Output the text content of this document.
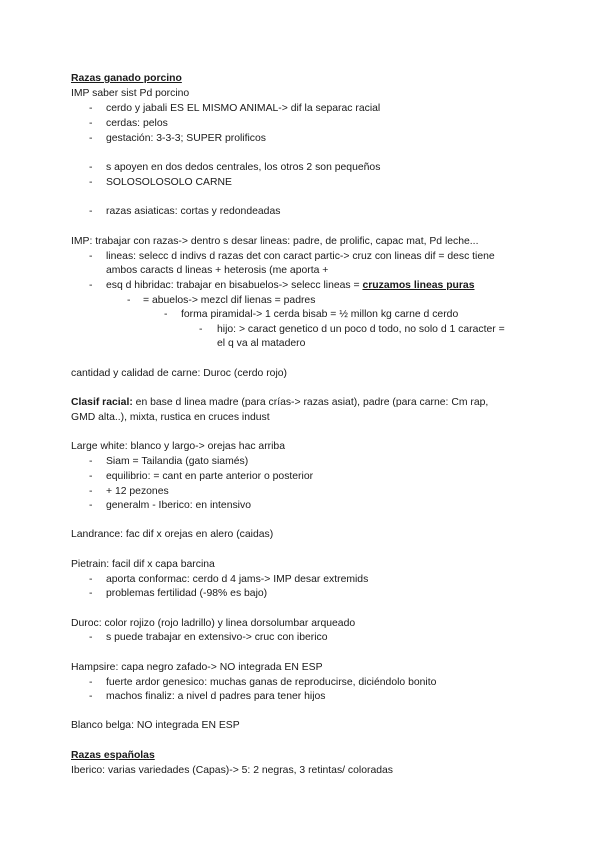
Razas ganado porcino
IMP saber sist Pd porcino
- cerdo y jabali ES EL MISMO ANIMAL-> dif la separac racial
- cerdas: pelos
- gestación: 3-3-3; SUPER prolificos
- s apoyen en dos dedos centrales, los otros 2 son pequeños
- SOLOSOLOSOLO CARNE
- razas asiaticas: cortas y redondeadas
IMP: trabajar con razas-> dentro s desar lineas: padre, de prolific, capac mat, Pd leche...
- lineas: selecc d indivs d razas det con caract partic-> cruz con lineas dif = desc tiene
ambos caracts d lineas + heterosis (me aporta +
- esq d hibridac: trabajar en bisabuelos-> selecc lineas = cruzamos lineas puras
- = abuelos-> mezcl dif lienas = padres
- forma piramidal-> 1 cerda bisab = ½ millon kg carne d cerdo
- hijo: > caract genetico d un poco d todo, no solo d 1 caracter =
el q va al matadero
cantidad y calidad de carne: Duroc (cerdo rojo)
Clasif racial: en base d linea madre (para crías-> razas asiat), padre (para carne: Cm rap,
GMD alta..), mixta, rustica en cruces indust
Large white: blanco y largo-> orejas hac arriba
- Siam = Tailandia (gato siamés)
- equilibrio: = cant en parte anterior o posterior
- + 12 pezones
- generalm - Iberico: en intensivo
Landrance: fac dif x orejas en alero (caidas)
Pietrain: facil dif x capa barcina
- aporta conformac: cerdo d 4 jams-> IMP desar extremids
- problemas fertilidad (-98% es bajo)
Duroc: color rojizo (rojo ladrillo) y linea dorsolumbar arqueado
- s puede trabajar en extensivo-> cruc con iberico
Hampsire: capa negro zafado-> NO integrada EN ESP
- fuerte ardor genesico: muchas ganas de reproducirse, diciéndolo bonito
- machos finaliz: a nivel d padres para tener hijos
Blanco belga: NO integrada EN ESP
Razas españolas
Iberico: varias variedades (Capas)-> 5: 2 negras, 3 retintas/ coloradas
